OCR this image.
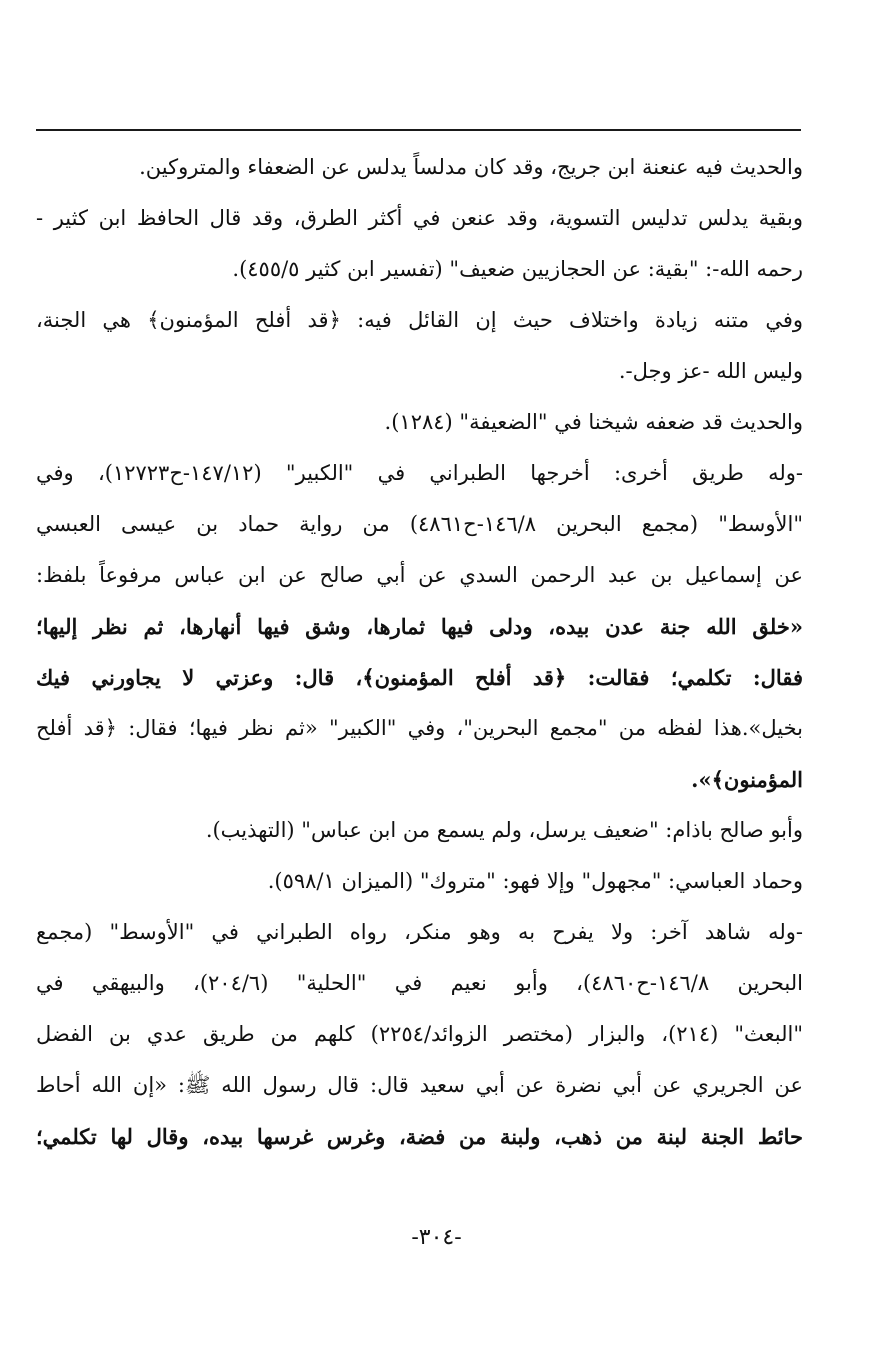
والحديث فيه عنعنة ابن جريج، وقد كان مدلساً يدلس عن الضعفاء والمتروكين.
وبقية يدلس تدليس التسوية، وقد عنعن في أكثر الطرق، وقد قال الحافظ ابن كثير -
رحمه الله-: "بقية: عن الحجازيين ضعيف" (تفسير ابن كثير ٤٥٥/٥).
وفي متنه زيادة واختلاف حيث إن القائل فيه: ﴿قد أفلح المؤمنون﴾ هي الجنة،
وليس الله -عز وجل-.
والحديث قد ضعفه شيخنا في "الضعيفة" (١٢٨٤).
-وله طريق أخرى: أخرجها الطبراني في "الكبير" (١٤٧/١٢-ح١٢٧٢٣)، وفي
"الأوسط" (مجمع البحرين ١٤٦/٨-ح٤٨٦١) من رواية حماد بن عيسى العبسي
عن إسماعيل بن عبد الرحمن السدي عن أبي صالح عن ابن عباس مرفوعاً بلفظ:
«خلق الله جنة عدن بيده، ودلى فيها ثمارها، وشق فيها أنهارها، ثم نظر إليها؛
فقال: تكلمي؛ فقالت: ﴿قد أفلح المؤمنون﴾، قال: وعزتي لا يجاورني فيك
بخيل».هذا لفظه من "مجمع البحرين"، وفي "الكبير" «ثم نظر فيها؛ فقال: ﴿قد أفلح
المؤمنون﴾».
وأبو صالح باذام: "ضعيف يرسل، ولم يسمع من ابن عباس" (التهذيب).
وحماد العباسي: "مجهول" وإلا فهو: "متروك" (الميزان ٥٩٨/١).
-وله شاهد آخر: ولا يفرح به وهو منكر، رواه الطبراني في "الأوسط" (مجمع
البحرين ١٤٦/٨-ح٤٨٦٠)، وأبو نعيم في "الحلية" (٢٠٤/٦)، والبيهقي في
"البعث" (٢١٤)، والبزار (مختصر الزوائد/٢٢٥٤) كلهم من طريق عدي بن الفضل
عن الجريري عن أبي نضرة عن أبي سعيد قال: قال رسول الله ﷺ: «إن الله أحاط
حائط الجنة لبنة من ذهب، ولبنة من فضة، وغرس غرسها بيده، وقال لها تكلمي؛
-٣٠٤-
